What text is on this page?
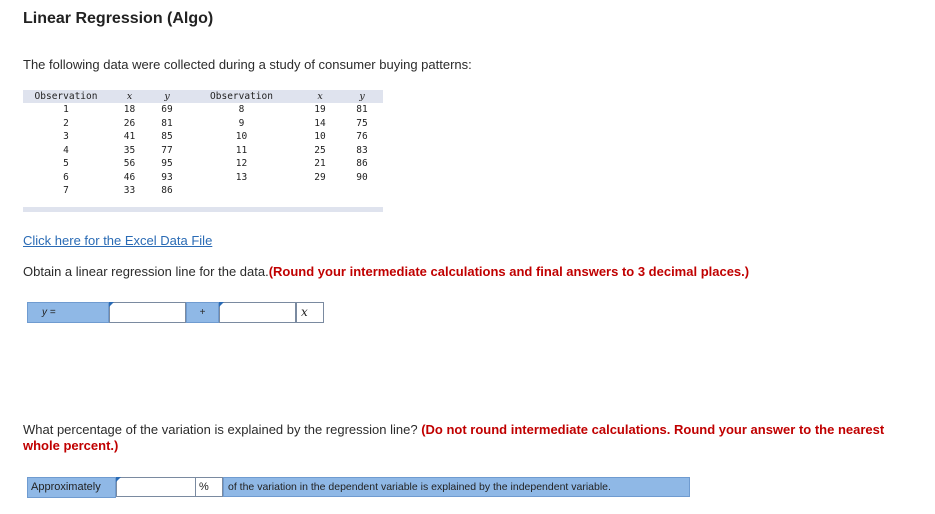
Linear Regression (Algo)
The following data were collected during a study of consumer buying patterns:
Observation	x	y	Observation	x	y
1	18	69	8	19	81
2	26	81	9	14	75
3	41	85	10	10	76
4	35	77	11	25	83
5	56	95	12	21	86
6	46	93	13	29	90
7	33	86			
Click here for the Excel Data File
Obtain a linear regression line for the data.(Round your intermediate calculations and final answers to 3 decimal places.)
y =	+	x
What percentage of the variation is explained by the regression line? (Do not round intermediate calculations. Round your answer to the nearest whole percent.)
Approximately	%	of the variation in the dependent variable is explained by the independent variable.
